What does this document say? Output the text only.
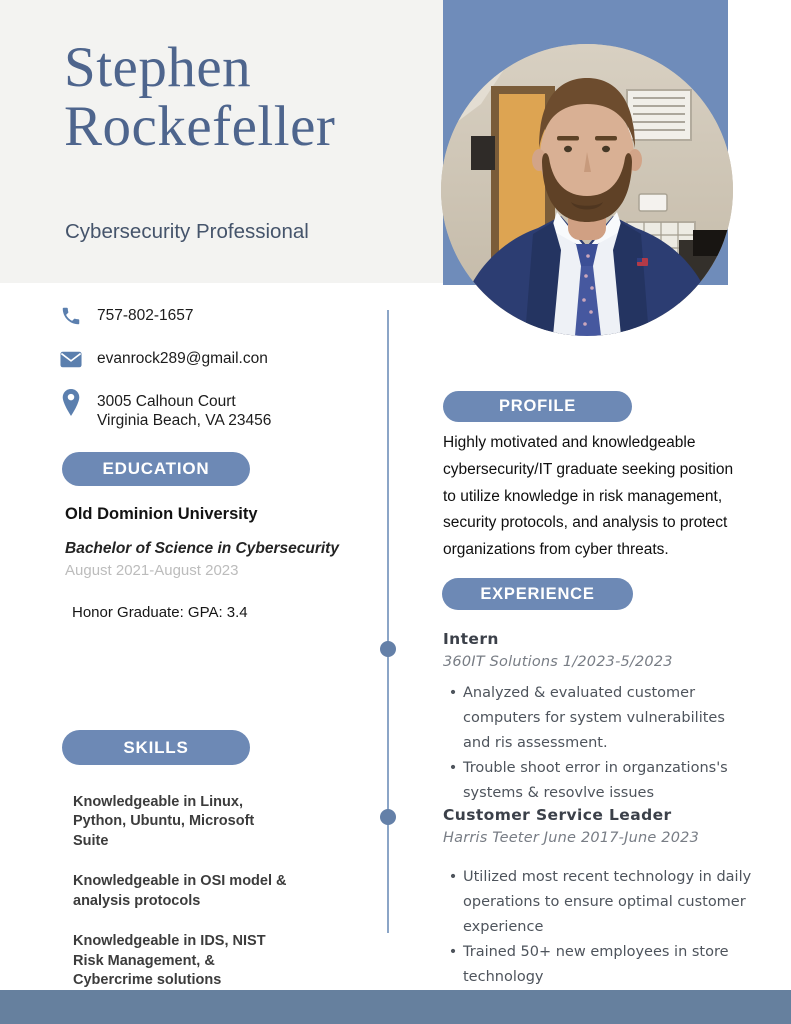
Stephen
Rockefeller
Cybersecurity Professional
757-802-1657
evanrock289@gmail.con
3005 Calhoun Court
Virginia Beach, VA 23456
EDUCATION
Old Dominion University
Bachelor of Science in Cybersecurity
August 2021-August 2023
Honor Graduate: GPA: 3.4
SKILLS
Knowledgeable in Linux, Python, Ubuntu, Microsoft Suite
Knowledgeable in OSI model & analysis protocols
Knowledgeable in IDS, NIST Risk Management, & Cybercrime solutions
PROFILE

Highly motivated and knowledgeable cybersecurity/IT graduate seeking position to utilize knowledge in risk management, security protocols, and analysis to protect organizations from cyber threats.

EXPERIENCE
Intern
360IT Solutions 1/2023-5/2023
• Analyzed & evaluated customer computers for system vulnerabilites and ris assessment.
• Trouble shoot error in organzations's systems & resovlve issues
Customer Service Leader
Harris Teeter June 2017-June 2023
• Utilized most recent technology in daily operations to ensure optimal customer experience
• Trained 50+ new employees in store technology
